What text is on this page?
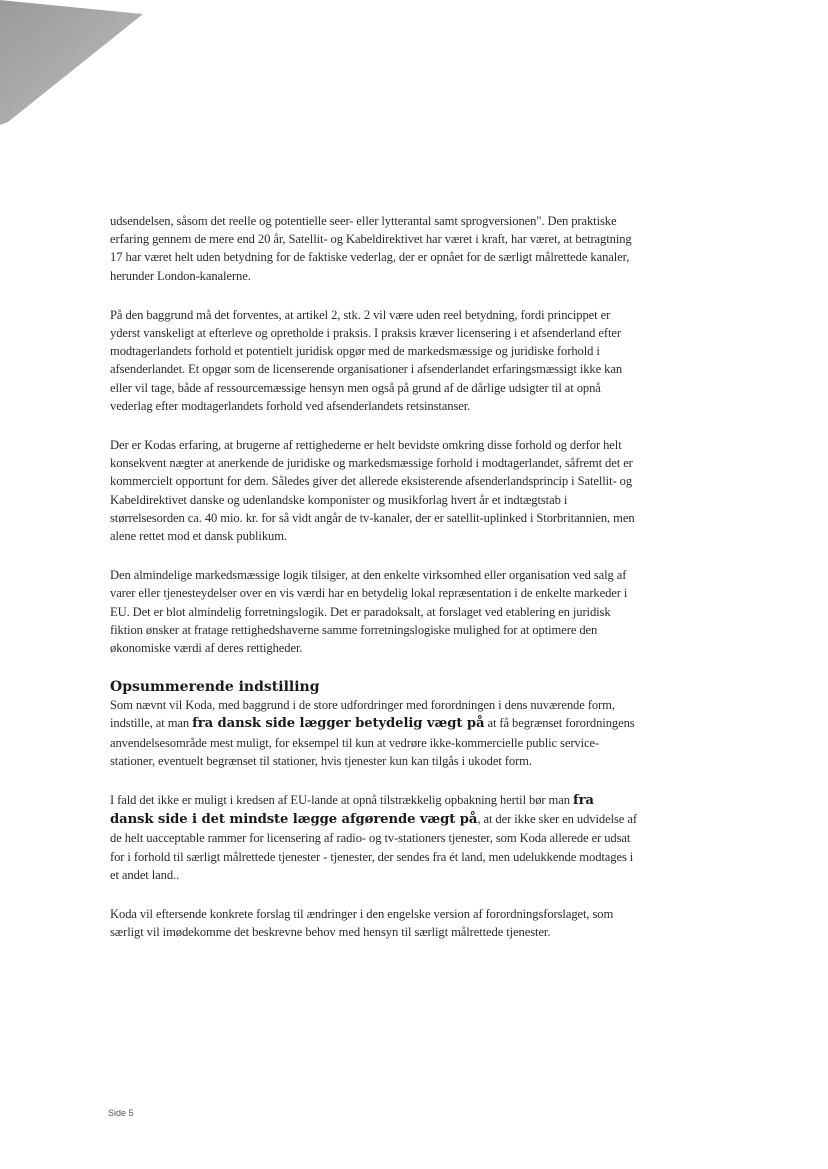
udsendelsen, såsom det reelle og potentielle seer- eller lytterantal samt sprogversionen". Den praktiske erfaring gennem de mere end 20 år, Satellit- og Kabeldirektivet har været i kraft, har været, at betragtning 17 har været helt uden betydning for de faktiske vederlag, der er opnået for de særligt målrettede kanaler, herunder London-kanalerne.

På den baggrund må det forventes, at artikel 2, stk. 2 vil være uden reel betydning, fordi princippet er yderst vanskeligt at efterleve og opretholde i praksis. I praksis kræver licensering i et afsenderland efter modtagerlandets forhold et potentielt juridisk opgør med de markedsmæssige og juridiske forhold i afsenderlandet. Et opgør som de licenserende organisationer i afsenderlandet erfaringsmæssigt ikke kan eller vil tage, både af ressourcemæssige hensyn men også på grund af de dårlige udsigter til at opnå vederlag efter modtagerlandets forhold ved afsenderlandets retsinstanser.

Der er Kodas erfaring, at brugerne af rettighederne er helt bevidste omkring disse forhold og derfor helt konsekvent nægter at anerkende de juridiske og markedsmæssige forhold i modtagerlandet, såfremt det er kommercielt opportunt for dem. Således giver det allerede eksisterende afsenderlandsprincip i Satellit- og Kabeldirektivet danske og udenlandske komponister og musikforlag hvert år et indtægtstab i størrelsesorden ca. 40 mio. kr. for så vidt angår de tv-kanaler, der er satellit-uplinked i Storbritannien, men alene rettet mod et dansk publikum.

Den almindelige markedsmæssige logik tilsiger, at den enkelte virksomhed eller organisation ved salg af varer eller tjenesteydelser over en vis værdi har en betydelig lokal repræsentation i de enkelte markeder i EU. Det er blot almindelig forretningslogik. Det er paradoksalt, at forslaget ved etablering en juridisk fiktion ønsker at fratage rettighedshaverne samme forretningslogiske mulighed for at optimere den økonomiske værdi af deres rettigheder.

Opsummerende indstilling

Som nævnt vil Koda, med baggrund i de store udfordringer med forordningen i dens nuværende form, indstille, at man fra dansk side lægger betydelig vægt på at få begrænset forordningens anvendelsesområde mest muligt, for eksempel til kun at vedrøre ikke-kommercielle public service-stationer, eventuelt begrænset til stationer, hvis tjenester kun kan tilgås i ukodet form.

I fald det ikke er muligt i kredsen af EU-lande at opnå tilstrækkelig opbakning hertil bør man fra dansk side i det mindste lægge afgørende vægt på, at der ikke sker en udvidelse af de helt uacceptable rammer for licensering af radio- og tv-stationers tjenester, som Koda allerede er udsat for i forhold til særligt målrettede tjenester - tjenester, der sendes fra ét land, men udelukkende modtages i et andet land..

Koda vil eftersende konkrete forslag til ændringer i den engelske version af forordningsforslaget, som særligt vil imødekomme det beskrevne behov med hensyn til særligt målrettede tjenester.

Side 5
